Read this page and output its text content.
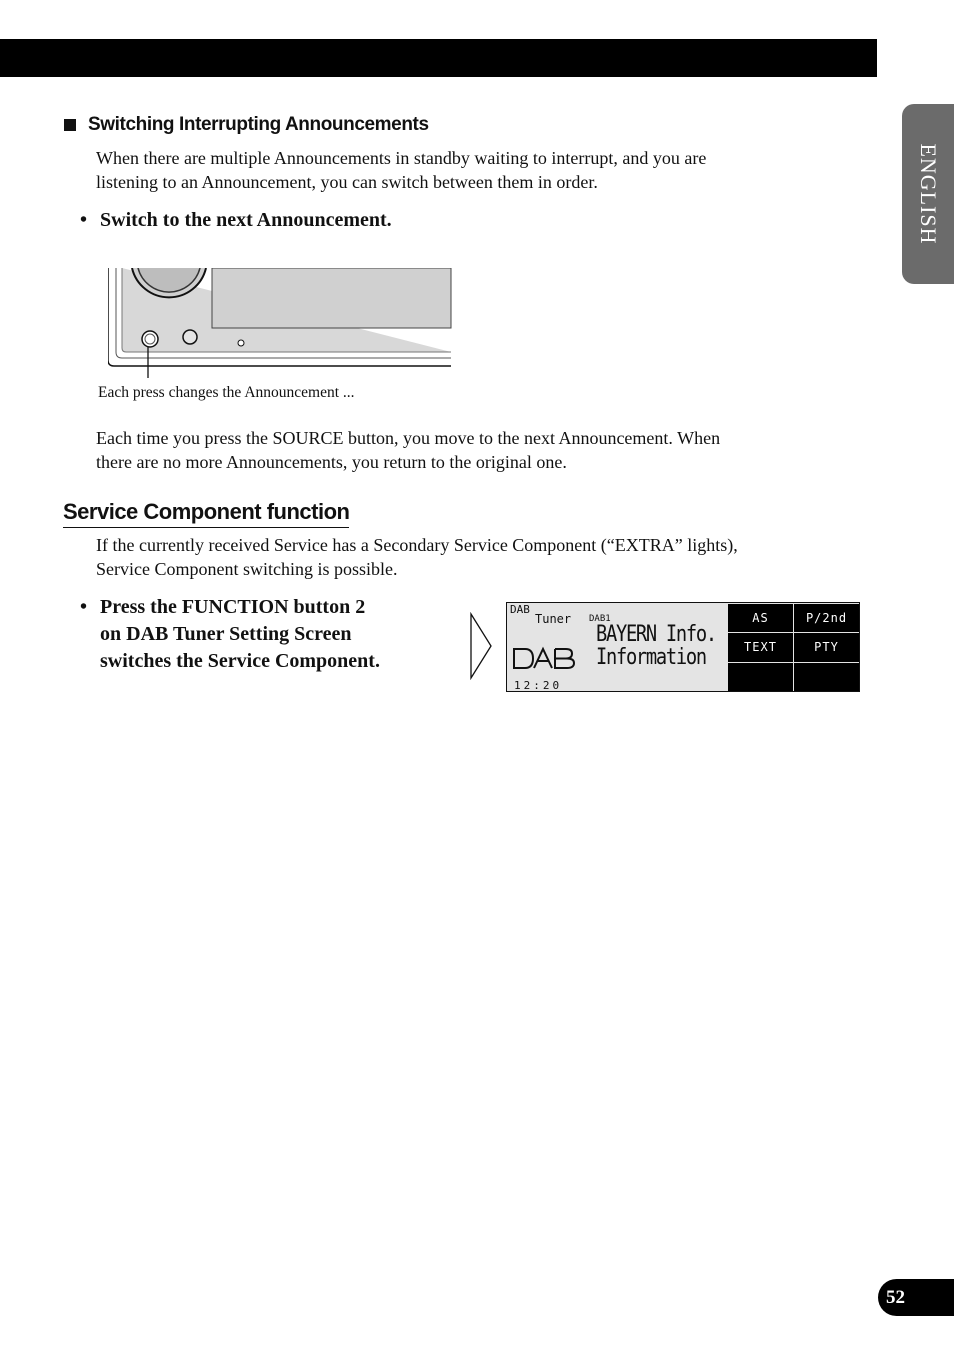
ENGLISH
Switching Interrupting Announcements

When there are multiple Announcements in standby waiting to interrupt, and you are
listening to an Announcement, you can switch between them in order.

• Switch to the next Announcement.

Each press changes the Announcement ...

Each time you press the SOURCE button, you move to the next Announcement. When
there are no more Announcements, you return to the original one.

Service Component function

If the currently received Service has a Secondary Service Component (“EXTRA” lights),
Service Component switching is possible.

• Press the FUNCTION button 2
on DAB Tuner Setting Screen
switches the Service Component.

DAB
Tuner DAB1
BAYERN Info.
Information
12:20
AS	P/2nd
TEXT	PTY
52
